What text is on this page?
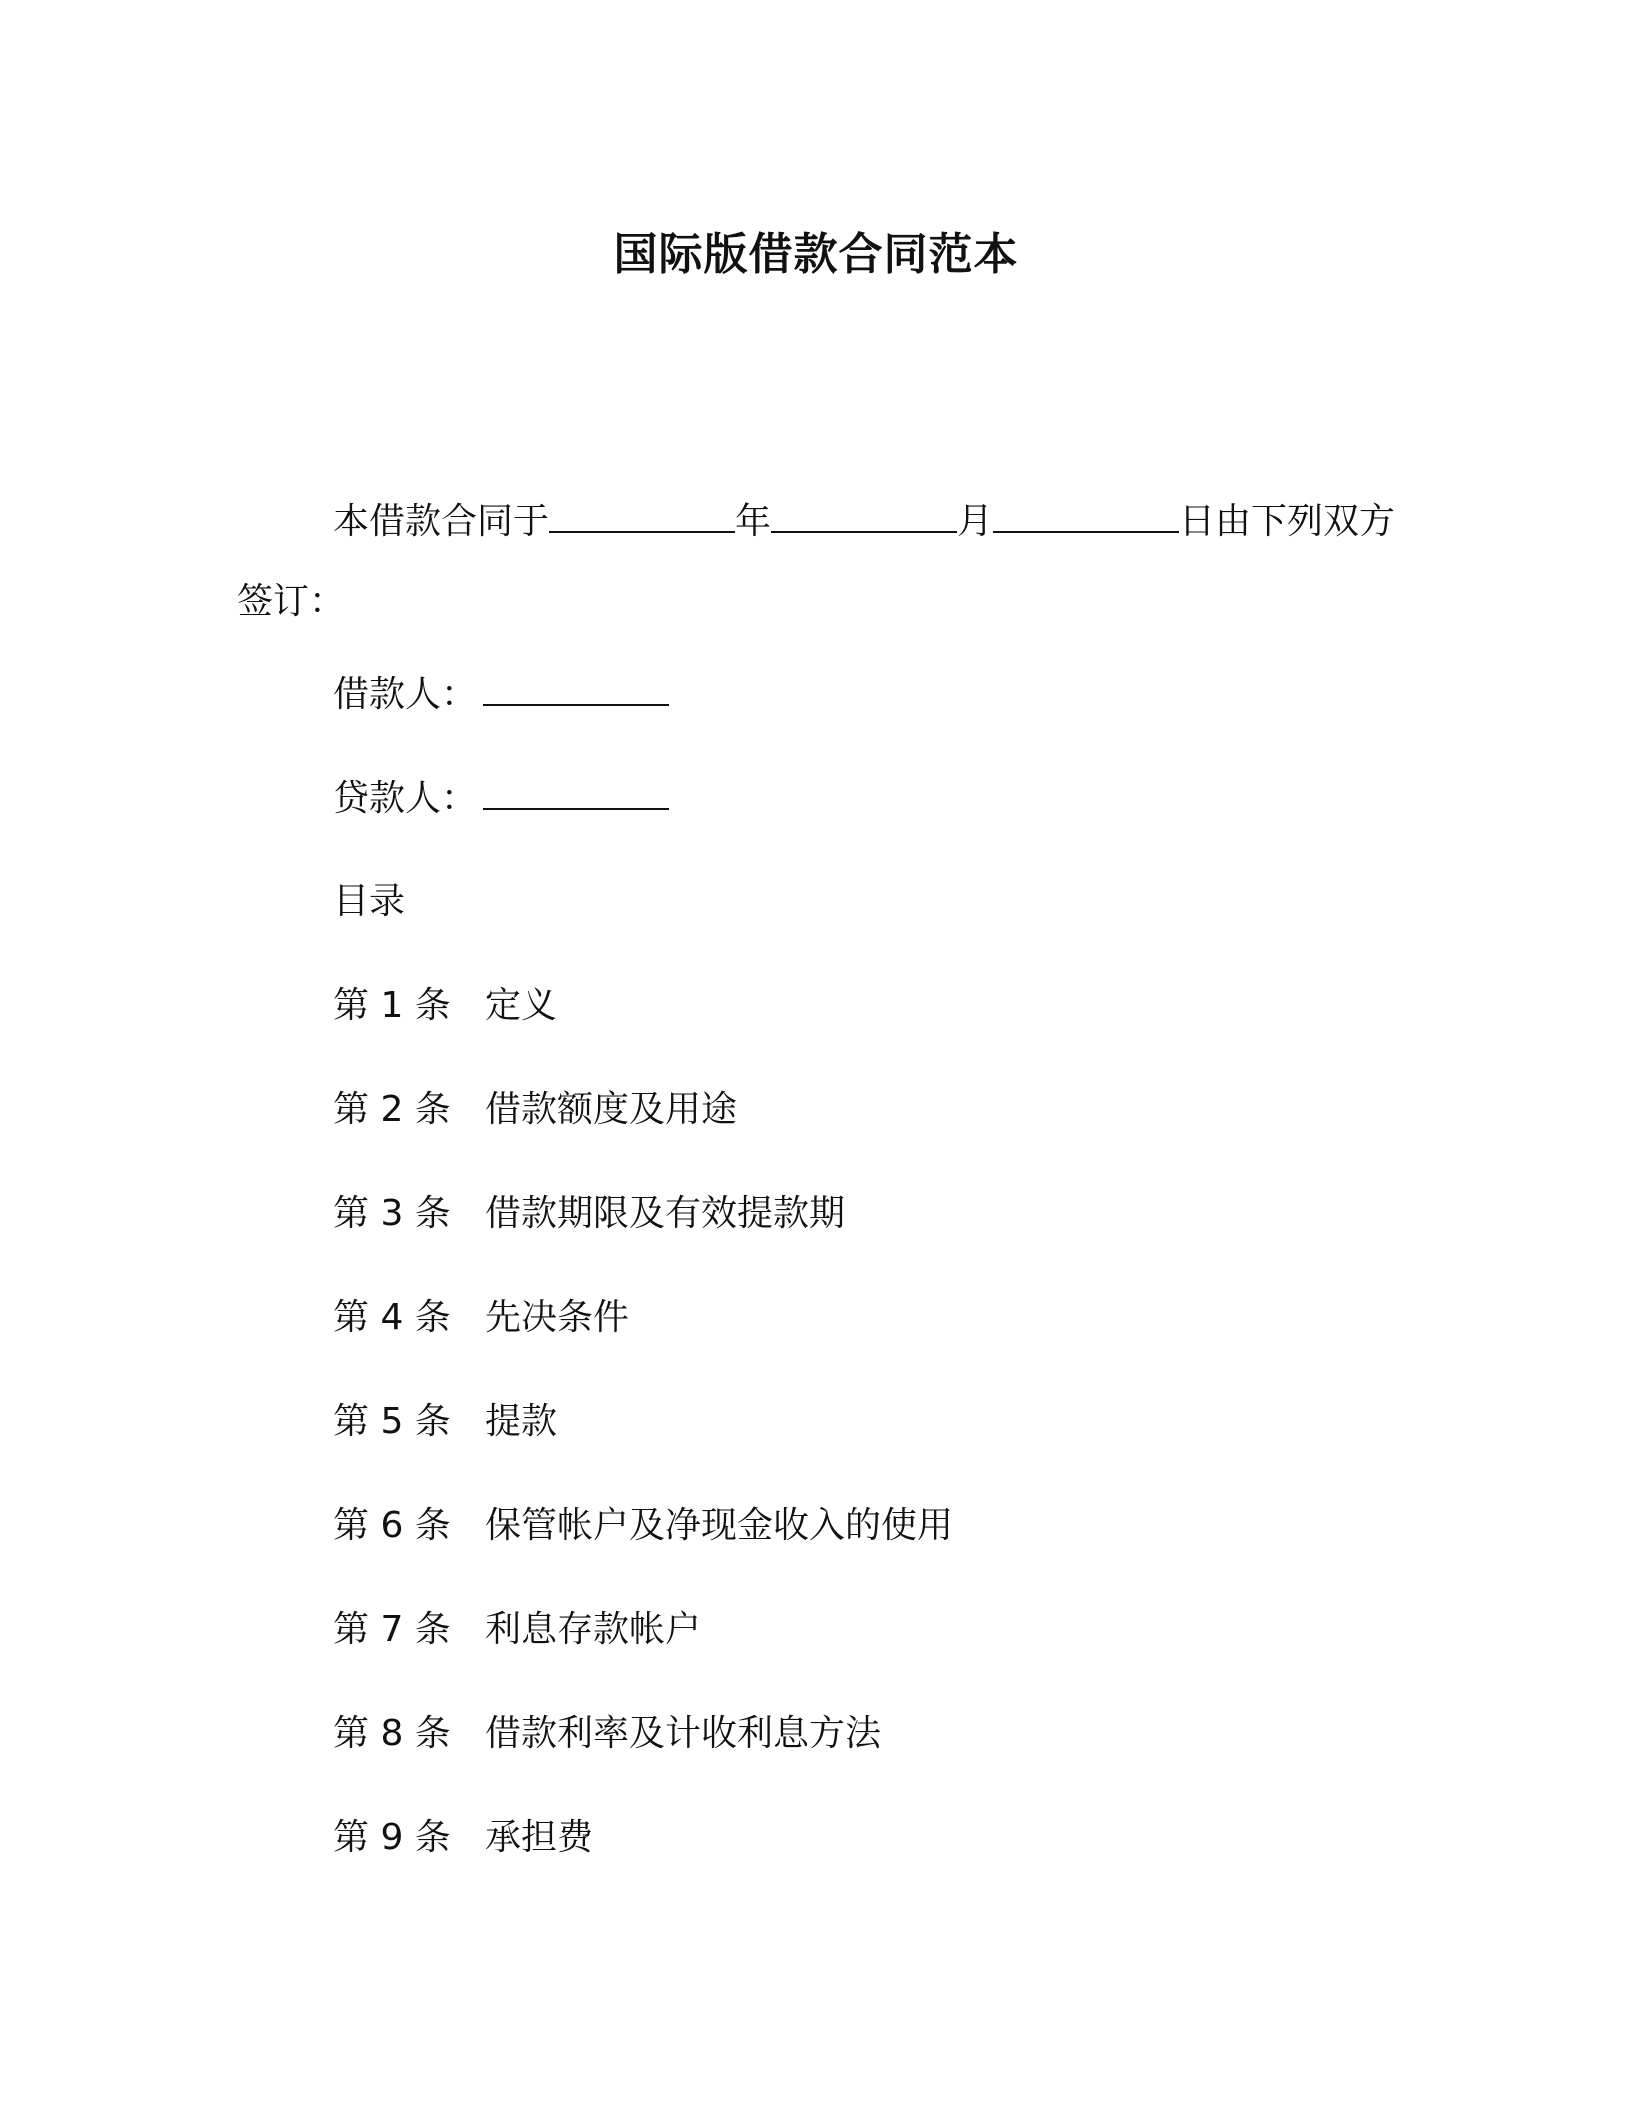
国际版借款合同范本
本借款合同于	年	月	日由下列双方签订：
借款人：
贷款人：
目录
第 1 条 定义
第 2 条 借款额度及用途
第 3 条 借款期限及有效提款期
第 4 条 先决条件
第 5 条 提款
第 6 条 保管帐户及净现金收入的使用
第 7 条 利息存款帐户
第 8 条 借款利率及计收利息方法
第 9 条 承担费
